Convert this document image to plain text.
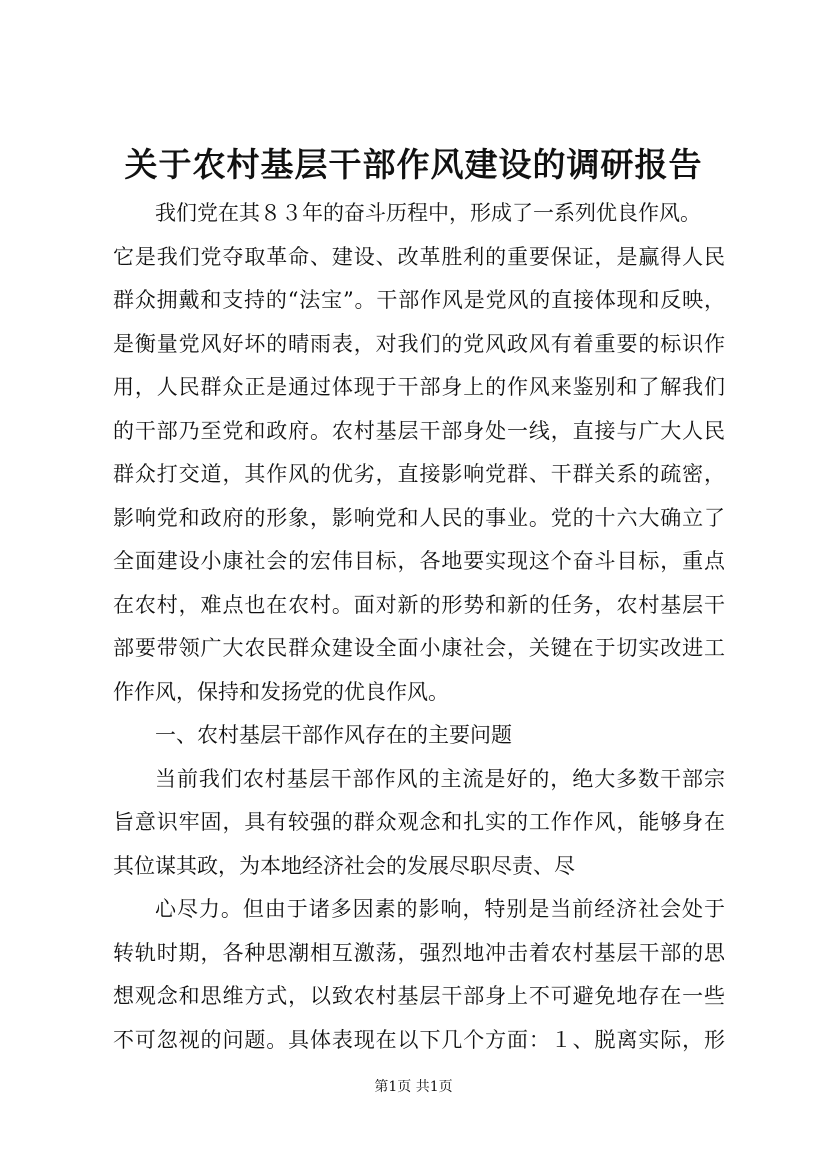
关于农村基层干部作风建设的调研报告
我们党在其８３年的奋斗历程中，形成了一系列优良作风。
它是我们党夺取革命、建设、改革胜利的重要保证，是赢得人民
群众拥戴和支持的“法宝”。干部作风是党风的直接体现和反映，
是衡量党风好坏的晴雨表，对我们的党风政风有着重要的标识作
用，人民群众正是通过体现于干部身上的作风来鉴别和了解我们
的干部乃至党和政府。农村基层干部身处一线，直接与广大人民
群众打交道，其作风的优劣，直接影响党群、干群关系的疏密，
影响党和政府的形象，影响党和人民的事业。党的十六大确立了
全面建设小康社会的宏伟目标，各地要实现这个奋斗目标，重点
在农村，难点也在农村。面对新的形势和新的任务，农村基层干
部要带领广大农民群众建设全面小康社会，关键在于切实改进工
作作风，保持和发扬党的优良作风。
一、农村基层干部作风存在的主要问题
当前我们农村基层干部作风的主流是好的，绝大多数干部宗
旨意识牢固，具有较强的群众观念和扎实的工作作风，能够身在
其位谋其政，为本地经济社会的发展尽职尽责、尽
心尽力。但由于诸多因素的影响，特别是当前经济社会处于
转轨时期，各种思潮相互激荡，强烈地冲击着农村基层干部的思
想观念和思维方式，以致农村基层干部身上不可避免地存在一些
不可忽视的问题。具体表现在以下几个方面：１、脱离实际，形
第1页 共1页
